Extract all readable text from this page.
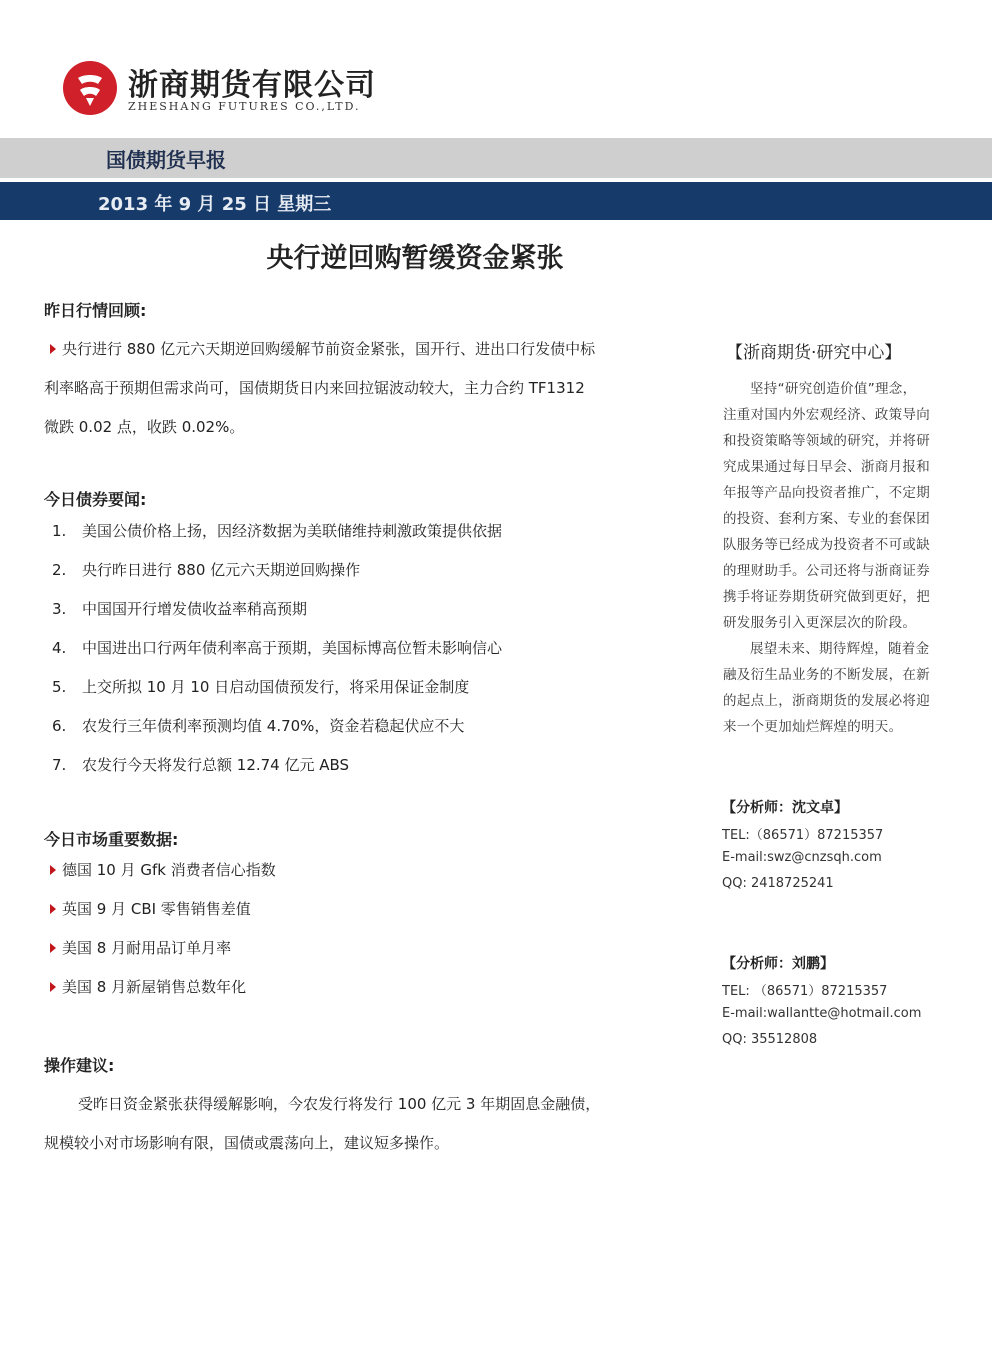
浙商期货有限公司
ZHESHANG FUTURES CO.,LTD.
国债期货早报
2013 年 9 月 25 日 星期三
央行逆回购暂缓资金紧张
昨日行情回顾:
央行进行 880 亿元六天期逆回购缓解节前资金紧张，国开行、进出口行发债中标
利率略高于预期但需求尚可，国债期货日内来回拉锯波动较大，主力合约 TF1312
微跌 0.02 点，收跌 0.02%。
今日债券要闻:
1. 美国公债价格上扬，因经济数据为美联储维持刺激政策提供依据
2. 央行昨日进行 880 亿元六天期逆回购操作
3. 中国国开行增发债收益率稍高预期
4. 中国进出口行两年债利率高于预期，美国标博高位暂未影响信心
5. 上交所拟 10 月 10 日启动国债预发行，将采用保证金制度
6. 农发行三年债利率预测均值 4.70%，资金若稳起伏应不大
7. 农发行今天将发行总额 12.74 亿元 ABS
今日市场重要数据:
德国 10 月 Gfk 消费者信心指数
英国 9 月 CBI 零售销售差值
美国 8 月耐用品订单月率
美国 8 月新屋销售总数年化
操作建议:
受昨日资金紧张获得缓解影响，今农发行将发行 100 亿元 3 年期固息金融债，
规模较小对市场影响有限，国债或震荡向上，建议短多操作。
【浙商期货·研究中心】
坚持“研究创造价值”理念，
注重对国内外宏观经济、政策导向
和投资策略等领域的研究，并将研
究成果通过每日早会、浙商月报和
年报等产品向投资者推广，不定期
的投资、套利方案、专业的套保团
队服务等已经成为投资者不可或缺
的理财助手。公司还将与浙商证券
携手将证券期货研究做到更好，把
研发服务引入更深层次的阶段。
展望未来、期待辉煌，随着金
融及衍生品业务的不断发展，在新
的起点上，浙商期货的发展必将迎
来一个更加灿烂辉煌的明天。
【分析师：沈文卓】
TEL:（86571）87215357
E-mail:swz@cnzsqh.com
QQ: 2418725241
【分析师：刘鹏】
TEL: （86571）87215357
E-mail:wallantte@hotmail.com
QQ: 35512808
